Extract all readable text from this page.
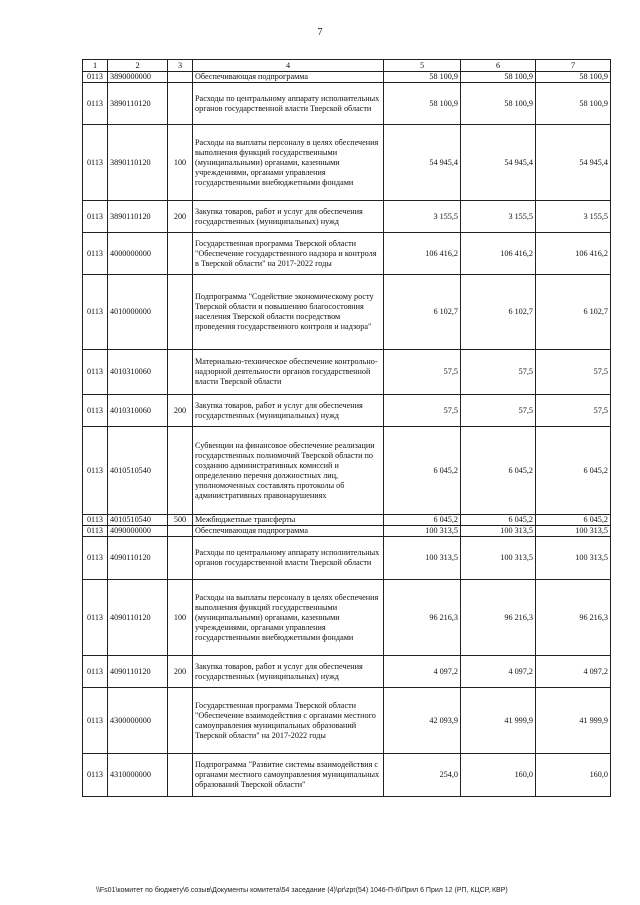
7
1	2	3	4	5	6	7
0113	3890000000		Обеспечивающая подпрограмма	58 100,9	58 100,9	58 100,9
0113	3890110120		Расходы по центральному аппарату исполнительных органов государственной власти Тверской области	58 100,9	58 100,9	58 100,9
0113	3890110120	100	Расходы на выплаты персоналу в целях обеспечения выполнения функций государственными (муниципальными) органами, казенными учреждениями, органами управления государственными внебюджетными фондами	54 945,4	54 945,4	54 945,4
0113	3890110120	200	Закупка товаров, работ и услуг для обеспечения государственных (муниципальных) нужд	3 155,5	3 155,5	3 155,5
0113	4000000000		Государственная программа Тверской области "Обеспечение государственного надзора и контроля в Тверской области" на 2017-2022 годы	106 416,2	106 416,2	106 416,2
0113	4010000000		Подпрограмма "Содействие экономическому росту Тверской области и повышению благосостояния населения Тверской области посредством проведения государственного контроля и надзора"	6 102,7	6 102,7	6 102,7
0113	4010310060		Материально-техническое обеспечение контрольно-надзорной деятельности органов государственной власти Тверской области	57,5	57,5	57,5
0113	4010310060	200	Закупка товаров, работ и услуг для обеспечения государственных (муниципальных) нужд	57,5	57,5	57,5
0113	4010510540		Субвенции на финансовое обеспечение реализации государственных полномочий Тверской области по созданию административных комиссий и определению перечня должностных лиц, уполномоченных составлять протоколы об административных правонарушениях	6 045,2	6 045,2	6 045,2
0113	4010510540	500	Межбюджетные трансферты	6 045,2	6 045,2	6 045,2
0113	4090000000		Обеспечивающая подпрограмма	100 313,5	100 313,5	100 313,5
0113	4090110120		Расходы по центральному аппарату исполнительных органов государственной власти Тверской области	100 313,5	100 313,5	100 313,5
0113	4090110120	100	Расходы на выплаты персоналу в целях обеспечения выполнения функций государственными (муниципальными) органами, казенными учреждениями, органами управления государственными внебюджетными фондами	96 216,3	96 216,3	96 216,3
0113	4090110120	200	Закупка товаров, работ и услуг для обеспечения государственных (муниципальных) нужд	4 097,2	4 097,2	4 097,2
0113	4300000000		Государственная программа Тверской области "Обеспечение взаимодействия с органами местного самоуправления муниципальных образований Тверской области" на 2017-2022 годы	42 093,9	41 999,9	41 999,9
0113	4310000000		Подпрограмма "Развитие системы взаимодействия с органами местного самоуправления муниципальных образований Тверской области"	254,0	160,0	160,0
\\Fs01\комитет по бюджету\6 созыв\Документы комитета\54 заседание (4)\pr\zpr(54) 1046-П-6\Прил 6 Прил 12 (РП, КЦСР, КВР)
